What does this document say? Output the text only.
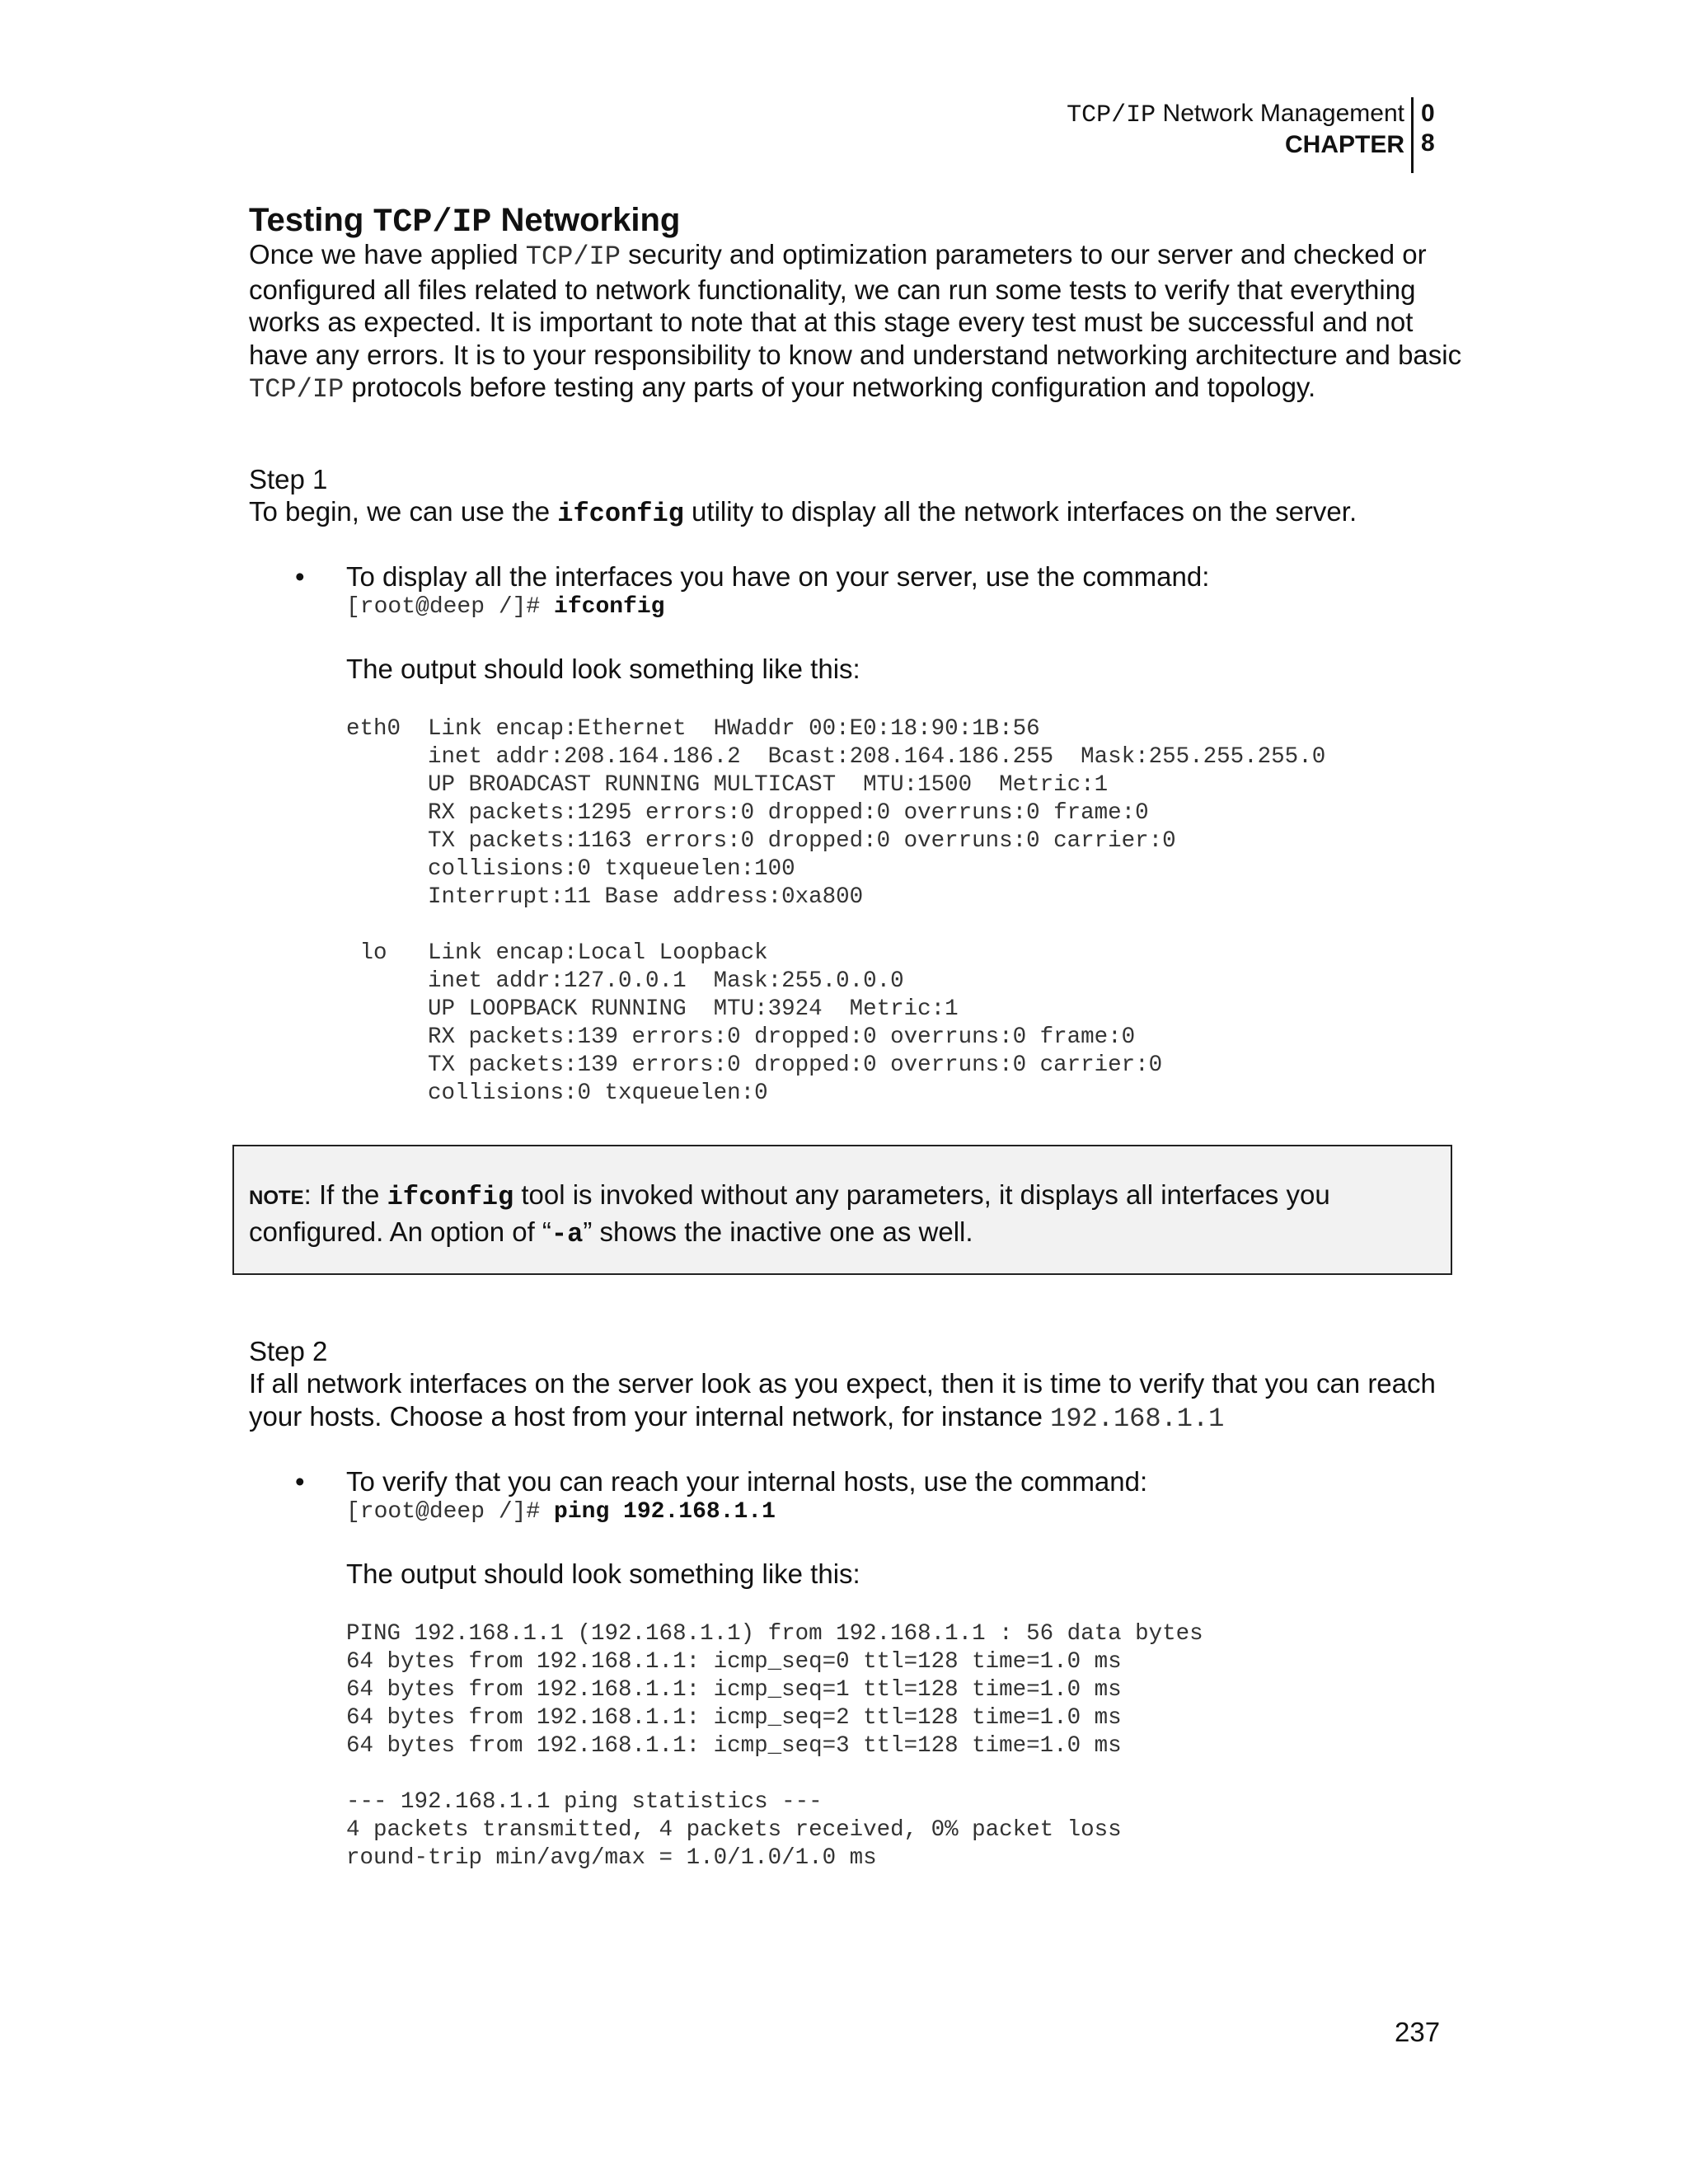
TCP/IP Network Management
CHAPTER
0
8
Testing TCP/IP Networking

Once we have applied TCP/IP security and optimization parameters to our server and checked or configured all files related to network functionality, we can run some tests to verify that everything works as expected. It is important to note that at this stage every test must be successful and not have any errors. It is to your responsibility to know and understand networking architecture and basic TCP/IP protocols before testing any parts of your networking configuration and topology.

Step 1

To begin, we can use the ifconfig utility to display all the network interfaces on the server.

• To display all the interfaces you have on your server, use the command:
[root@deep /]# ifconfig
The output should look something like this:
eth0  Link encap:Ethernet  HWaddr 00:E0:18:90:1B:56
inet addr:208.164.186.2  Bcast:208.164.186.255  Mask:255.255.255.0
UP BROADCAST RUNNING MULTICAST  MTU:1500  Metric:1
RX packets:1295 errors:0 dropped:0 overruns:0 frame:0
TX packets:1163 errors:0 dropped:0 overruns:0 carrier:0
collisions:0 txqueuelen:100
Interrupt:11 Base address:0xa800

lo   Link encap:Local Loopback
inet addr:127.0.0.1  Mask:255.0.0.0
UP LOOPBACK RUNNING  MTU:3924  Metric:1
RX packets:139 errors:0 dropped:0 overruns:0 frame:0
TX packets:139 errors:0 dropped:0 overruns:0 carrier:0
collisions:0 txqueuelen:0
NOTE: If the ifconfig tool is invoked without any parameters, it displays all interfaces you configured. An option of “-a” shows the inactive one as well.

Step 2

If all network interfaces on the server look as you expect, then it is time to verify that you can reach your hosts. Choose a host from your internal network, for instance 192.168.1.1

• To verify that you can reach your internal hosts, use the command:
[root@deep /]# ping 192.168.1.1
The output should look something like this:
PING 192.168.1.1 (192.168.1.1) from 192.168.1.1 : 56 data bytes
64 bytes from 192.168.1.1: icmp_seq=0 ttl=128 time=1.0 ms
64 bytes from 192.168.1.1: icmp_seq=1 ttl=128 time=1.0 ms
64 bytes from 192.168.1.1: icmp_seq=2 ttl=128 time=1.0 ms
64 bytes from 192.168.1.1: icmp_seq=3 ttl=128 time=1.0 ms

--- 192.168.1.1 ping statistics ---
4 packets transmitted, 4 packets received, 0% packet loss
round-trip min/avg/max = 1.0/1.0/1.0 ms
237
